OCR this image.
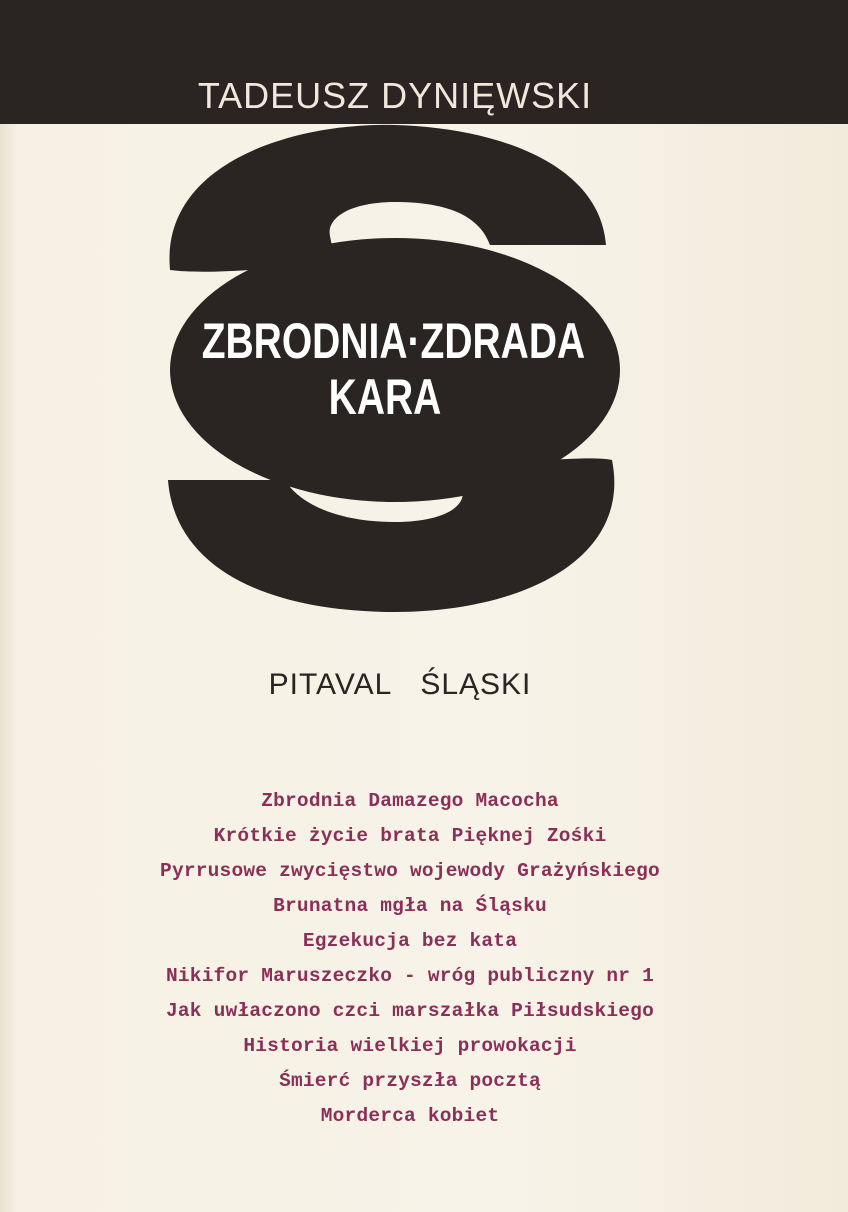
TADEUSZ DYNIĘWSKI
ZBRODNIA·ZDRADA
KARA
PITAVAL ŚLĄSKI
Zbrodnia Damazego Macocha
Krótkie życie brata Pięknej Zośki
Pyrrusowe zwycięstwo wojewody Grażyńskiego
Brunatna mgła na Śląsku
Egzekucja bez kata
Nikifor Maruszeczko - wróg publiczny nr 1
Jak uwłaczono czci marszałka Piłsudskiego
Historia wielkiej prowokacji
Śmierć przyszła pocztą
Morderca kobiet
